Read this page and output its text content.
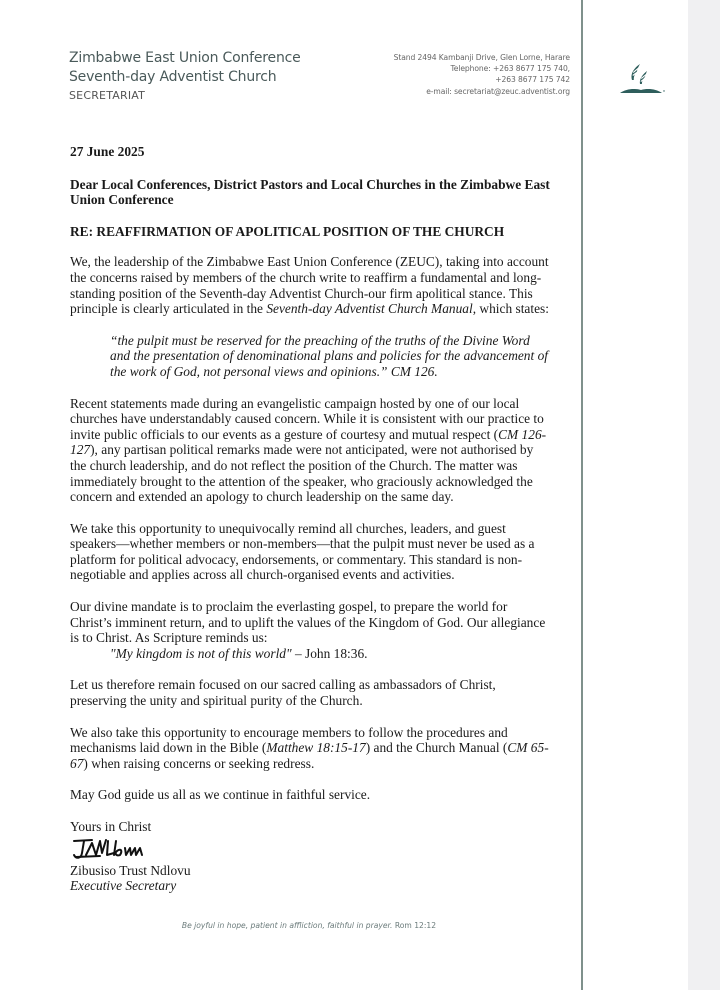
Zimbabwe East Union Conference
Seventh-day Adventist Church
SECRETARIAT
Stand 2494 Kambanji Drive, Glen Lorne, Harare
Telephone: +263 8677 175 740,
+263 8677 175 742
e-mail: secretariat@zeuc.adventist.org

27 June 2025

Dear Local Conferences, District Pastors and Local Churches in the Zimbabwe East Union Conference

RE: REAFFIRMATION OF APOLITICAL POSITION OF THE CHURCH

We, the leadership of the Zimbabwe East Union Conference (ZEUC), taking into account the concerns raised by members of the church write to reaffirm a fundamental and long-standing position of the Seventh-day Adventist Church-our firm apolitical stance. This principle is clearly articulated in the Seventh-day Adventist Church Manual, which states:

“the pulpit must be reserved for the preaching of the truths of the Divine Word and the presentation of denominational plans and policies for the advancement of the work of God, not personal views and opinions.” CM 126.

Recent statements made during an evangelistic campaign hosted by one of our local churches have understandably caused concern. While it is consistent with our practice to invite public officials to our events as a gesture of courtesy and mutual respect (CM 126-127), any partisan political remarks made were not anticipated, were not authorised by the church leadership, and do not reflect the position of the Church. The matter was immediately brought to the attention of the speaker, who graciously acknowledged the concern and extended an apology to church leadership on the same day.

We take this opportunity to unequivocally remind all churches, leaders, and guest speakers—whether members or non-members—that the pulpit must never be used as a platform for political advocacy, endorsements, or commentary. This standard is non-negotiable and applies across all church-organised events and activities.

Our divine mandate is to proclaim the everlasting gospel, to prepare the world for Christ’s imminent return, and to uplift the values of the Kingdom of God. Our allegiance is to Christ. As Scripture reminds us:
"My kingdom is not of this world" – John 18:36.

Let us therefore remain focused on our sacred calling as ambassadors of Christ, preserving the unity and spiritual purity of the Church.

We also take this opportunity to encourage members to follow the procedures and mechanisms laid down in the Bible (Matthew 18:15-17) and the Church Manual (CM 65-67) when raising concerns or seeking redress.

May God guide us all as we continue in faithful service.

Yours in Christ

Zibusiso Trust Ndlovu

Executive Secretary

Be joyful in hope, patient in affliction, faithful in prayer. Rom 12:12
